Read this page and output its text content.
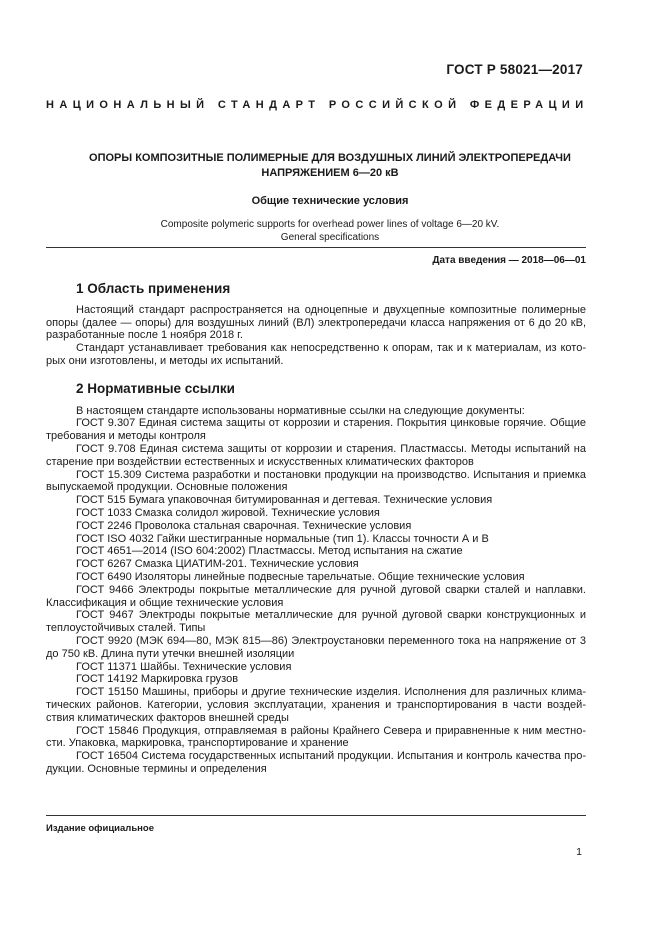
ГОСТ Р 58021—2017
НАЦИОНАЛЬНЫЙ СТАНДАРТ РОССИЙСКОЙ ФЕДЕРАЦИИ
ОПОРЫ КОМПОЗИТНЫЕ ПОЛИМЕРНЫЕ ДЛЯ ВОЗДУШНЫХ ЛИНИЙ ЭЛЕКТРОПЕРЕДАЧИ
НАПРЯЖЕНИЕМ 6—20 кВ
Общие технические условия
Composite polymeric supports for overhead power lines of voltage 6—20 kV.
General specifications
Дата введения — 2018—06—01
1 Область применения

Настоящий стандарт распространяется на одноцепные и двухцепные композитные полимерные опоры (далее — опоры) для воздушных линий (ВЛ) электропередачи класса напряжения от 6 до 20 кВ, разработанные после 1 ноября 2018 г.

Стандарт устанавливает требования как непосредственно к опорам, так и к материалам, из которых они изготовлены, и методы их испытаний.

2 Нормативные ссылки

В настоящем стандарте использованы нормативные ссылки на следующие документы:

ГОСТ 9.307 Единая система защиты от коррозии и старения. Покрытия цинковые горячие. Общие требования и методы контроля

ГОСТ 9.708 Единая система защиты от коррозии и старения. Пластмассы. Методы испытаний на старение при воздействии естественных и искусственных климатических факторов

ГОСТ 15.309 Система разработки и постановки продукции на производство. Испытания и приемка выпускаемой продукции. Основные положения

ГОСТ 515 Бумага упаковочная битумированная и дегтевая. Технические условия

ГОСТ 1033 Смазка солидол жировой. Технические условия

ГОСТ 2246 Проволока стальная сварочная. Технические условия

ГОСТ ISO 4032 Гайки шестигранные нормальные (тип 1). Классы точности А и В

ГОСТ 4651—2014 (ISO 604:2002) Пластмассы. Метод испытания на сжатие

ГОСТ 6267 Смазка ЦИАТИМ-201. Технические условия

ГОСТ 6490 Изоляторы линейные подвесные тарельчатые. Общие технические условия

ГОСТ 9466 Электроды покрытые металлические для ручной дуговой сварки сталей и наплавки. Классификация и общие технические условия

ГОСТ 9467 Электроды покрытые металлические для ручной дуговой сварки конструкционных и теплоустойчивых сталей. Типы

ГОСТ 9920 (МЭК 694—80, МЭК 815—86) Электроустановки переменного тока на напряжение от 3 до 750 кВ. Длина пути утечки внешней изоляции

ГОСТ 11371 Шайбы. Технические условия

ГОСТ 14192 Маркировка грузов

ГОСТ 15150 Машины, приборы и другие технические изделия. Исполнения для различных климатических районов. Категории, условия эксплуатации, хранения и транспортирования в части воздействия климатических факторов внешней среды

ГОСТ 15846 Продукция, отправляемая в районы Крайнего Севера и приравненные к ним местности. Упаковка, маркировка, транспортирование и хранение

ГОСТ 16504 Система государственных испытаний продукции. Испытания и контроль качества продукции. Основные термины и определения

Издание официальное
1
